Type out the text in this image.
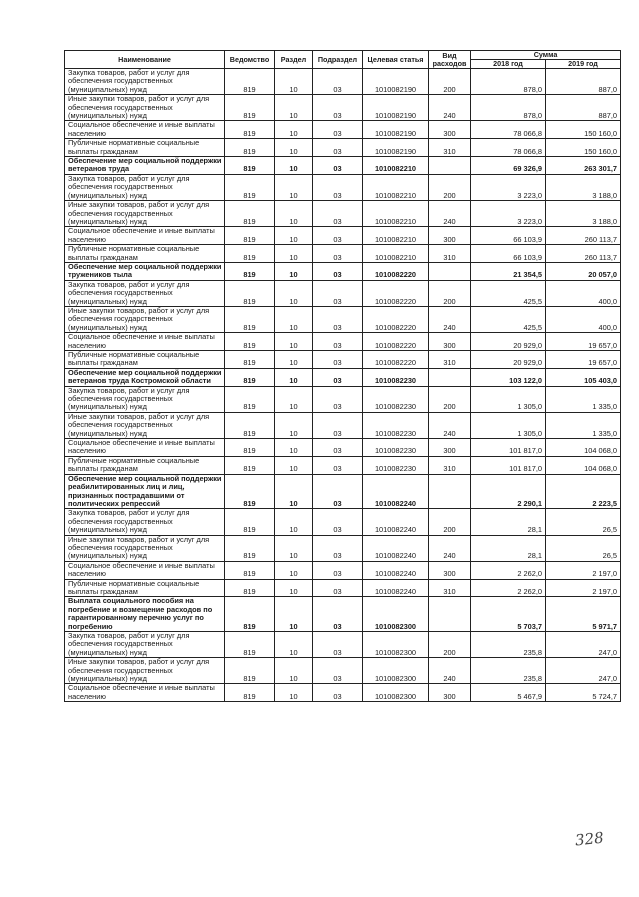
Наименование	Ведомство	Раздел	Подраздел	Целевая статья	Вид расходов	Сумма	
						2018 год	2019 год
Закупка товаров, работ и услуг для обеспечения государственных (муниципальных) нужд	819	10	03	1010082190	200	878,0	887,0
Иные закупки товаров, работ и услуг для обеспечения государственных (муниципальных) нужд	819	10	03	1010082190	240	878,0	887,0
Социальное обеспечение и иные выплаты населению	819	10	03	1010082190	300	78 066,8	150 160,0
Публичные нормативные социальные выплаты гражданам	819	10	03	1010082190	310	78 066,8	150 160,0
Обеспечение мер социальной поддержки ветеранов труда	819	10	03	1010082210		69 326,9	263 301,7
Закупка товаров, работ и услуг для обеспечения государственных (муниципальных) нужд	819	10	03	1010082210	200	3 223,0	3 188,0
Иные закупки товаров, работ и услуг для обеспечения государственных (муниципальных) нужд	819	10	03	1010082210	240	3 223,0	3 188,0
Социальное обеспечение и иные выплаты населению	819	10	03	1010082210	300	66 103,9	260 113,7
Публичные нормативные социальные выплаты гражданам	819	10	03	1010082210	310	66 103,9	260 113,7
Обеспечение мер социальной поддержки тружеников тыла	819	10	03	1010082220		21 354,5	20 057,0
Закупка товаров, работ и услуг для обеспечения государственных (муниципальных) нужд	819	10	03	1010082220	200	425,5	400,0
Иные закупки товаров, работ и услуг для обеспечения государственных (муниципальных) нужд	819	10	03	1010082220	240	425,5	400,0
Социальное обеспечение и иные выплаты населению	819	10	03	1010082220	300	20 929,0	19 657,0
Публичные нормативные социальные выплаты гражданам	819	10	03	1010082220	310	20 929,0	19 657,0
Обеспечение мер социальной поддержки ветеранов труда Костромской области	819	10	03	1010082230		103 122,0	105 403,0
Закупка товаров, работ и услуг для обеспечения государственных (муниципальных) нужд	819	10	03	1010082230	200	1 305,0	1 335,0
Иные закупки товаров, работ и услуг для обеспечения государственных (муниципальных) нужд	819	10	03	1010082230	240	1 305,0	1 335,0
Социальное обеспечение и иные выплаты населению	819	10	03	1010082230	300	101 817,0	104 068,0
Публичные нормативные социальные выплаты гражданам	819	10	03	1010082230	310	101 817,0	104 068,0
Обеспечение мер социальной поддержки реабилитированных лиц и лиц, признанных пострадавшими от политических репрессий	819	10	03	1010082240		2 290,1	2 223,5
Закупка товаров, работ и услуг для обеспечения государственных (муниципальных) нужд	819	10	03	1010082240	200	28,1	26,5
Иные закупки товаров, работ и услуг для обеспечения государственных (муниципальных) нужд	819	10	03	1010082240	240	28,1	26,5
Социальное обеспечение и иные выплаты населению	819	10	03	1010082240	300	2 262,0	2 197,0
Публичные нормативные социальные выплаты гражданам	819	10	03	1010082240	310	2 262,0	2 197,0
Выплата социального пособия на погребение и возмещение расходов по гарантированному перечню услуг по погребению	819	10	03	1010082300		5 703,7	5 971,7
Закупка товаров, работ и услуг для обеспечения государственных (муниципальных) нужд	819	10	03	1010082300	200	235,8	247,0
Иные закупки товаров, работ и услуг для обеспечения государственных (муниципальных) нужд	819	10	03	1010082300	240	235,8	247,0
Социальное обеспечение и иные выплаты населению	819	10	03	1010082300	300	5 467,9	5 724,7
328
